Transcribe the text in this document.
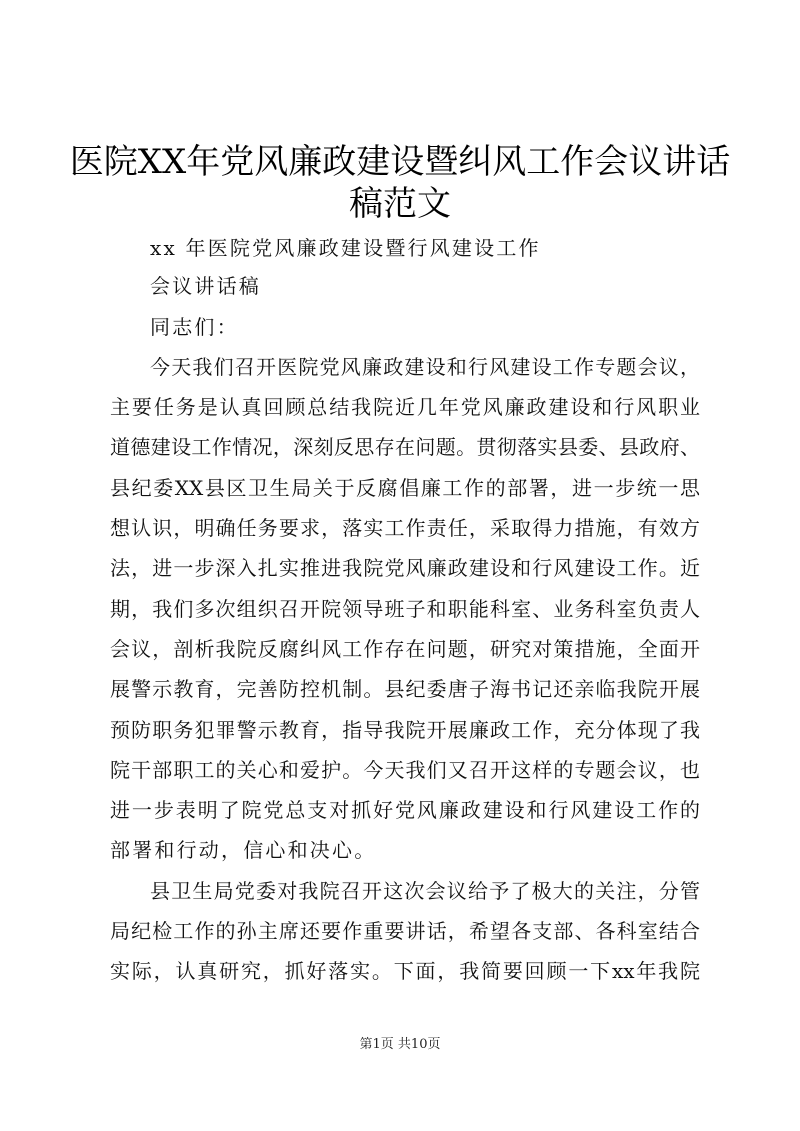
医院XX年党风廉政建设暨纠风工作会议讲话
稿范文
xx 年医院党风廉政建设暨行风建设工作
会议讲话稿
同志们：
今天我们召开医院党风廉政建设和行风建设工作专题会议，
主要任务是认真回顾总结我院近几年党风廉政建设和行风职业
道德建设工作情况，深刻反思存在问题。贯彻落实县委、县政府、
县纪委XX县区卫生局关于反腐倡廉工作的部署，进一步统一思
想认识，明确任务要求，落实工作责任，采取得力措施，有效方
法，进一步深入扎实推进我院党风廉政建设和行风建设工作。近
期，我们多次组织召开院领导班子和职能科室、业务科室负责人
会议，剖析我院反腐纠风工作存在问题，研究对策措施，全面开
展警示教育，完善防控机制。县纪委唐子海书记还亲临我院开展
预防职务犯罪警示教育，指导我院开展廉政工作，充分体现了我
院干部职工的关心和爱护。今天我们又召开这样的专题会议，也
进一步表明了院党总支对抓好党风廉政建设和行风建设工作的
部署和行动，信心和决心。
县卫生局党委对我院召开这次会议给予了极大的关注，分管
局纪检工作的孙主席还要作重要讲话，希望各支部、各科室结合
实际，认真研究，抓好落实。下面，我简要回顾一下xx年我院
第1页 共10页
